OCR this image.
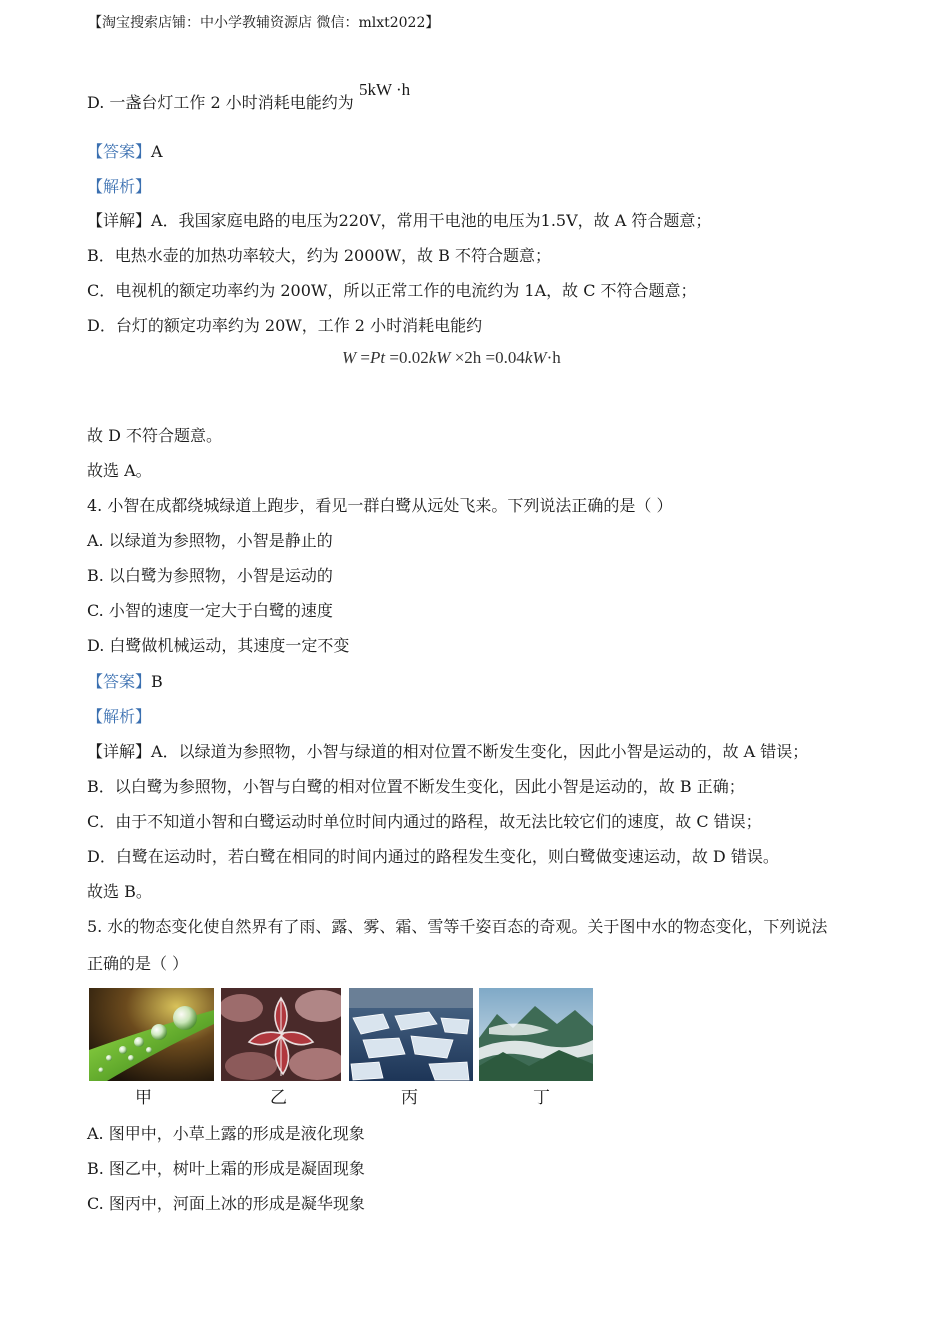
【淘宝搜索店铺：中小学教辅资源店 微信：mlxt2022】
D. 一盏台灯工作 2 小时消耗电能约为
5kW ·h
【答案】A
【解析】
【详解】A．我国家庭电路的电压为220V，常用干电池的电压为1.5V，故 A 符合题意；
B．电热水壶的加热功率较大，约为 2000W，故 B 不符合题意；
C．电视机的额定功率约为 200W，所以正常工作的电流约为 1A，故 C 不符合题意；
D．台灯的额定功率约为 20W，工作 2 小时消耗电能约
W =Pt =0.02kW ×2h =0.04kW·h
故 D 不符合题意。
故选 A。
4. 小智在成都绕城绿道上跑步，看见一群白鹭从远处飞来。下列说法正确的是（ ）
A. 以绿道为参照物，小智是静止的
B. 以白鹭为参照物，小智是运动的
C. 小智的速度一定大于白鹭的速度
D. 白鹭做机械运动，其速度一定不变
【答案】B
【解析】
【详解】A．以绿道为参照物，小智与绿道的相对位置不断发生变化，因此小智是运动的，故 A 错误；
B．以白鹭为参照物，小智与白鹭的相对位置不断发生变化，因此小智是运动的，故 B 正确；
C．由于不知道小智和白鹭运动时单位时间内通过的路程，故无法比较它们的速度，故 C 错误；
D．白鹭在运动时，若白鹭在相同的时间内通过的路程发生变化，则白鹭做变速运动，故 D 错误。
故选 B。
5. 水的物态变化使自然界有了雨、露、雾、霜、雪等千姿百态的奇观。关于图中水的物态变化，下列说法
正确的是（ ）
甲	乙	丙	丁
A. 图甲中，小草上露的形成是液化现象
B. 图乙中，树叶上霜的形成是凝固现象
C. 图丙中，河面上冰的形成是凝华现象
